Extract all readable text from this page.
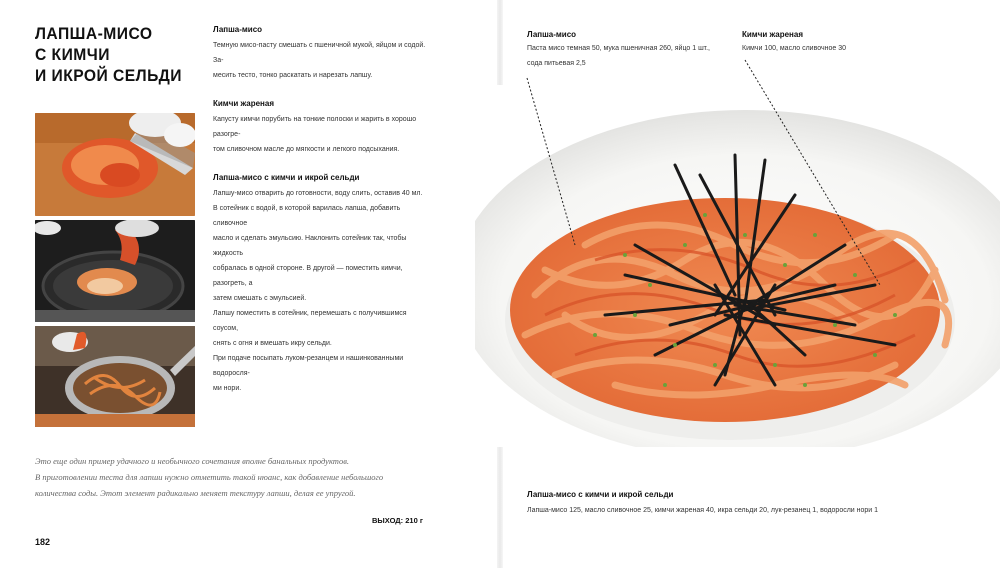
ЛАПША-МИСО
С КИМЧИ
И ИКРОЙ СЕЛЬДИ
Лапша-мисо

Темную мисо-пасту смешать с пшеничной мукой, яйцом и содой. За-

месить тесто, тонко раскатать и нарезать лапшу.

Кимчи жареная

Капусту кимчи порубить на тонкие полоски и жарить в хорошо разогре-

том сливочном масле до мягкости и легкого подсыхания.

Лапша-мисо с кимчи и икрой сельди

Лапшу-мисо отварить до готовности, воду слить, оставив 40 мл.

В сотейник с водой, в которой варилась лапша, добавить сливочное

масло и сделать эмульсию. Наклонить сотейник так, чтобы жидкость

собралась в одной стороне. В другой — поместить кимчи, разогреть, а

затем смешать с эмульсией.

Лапшу поместить в сотейник, перемешать с получившимся соусом,

снять с огня и вмешать икру сельди.

При подаче посыпать луком-резанцем и нашинкованными водоросля-

ми нори.

Это еще один пример удачного и необычного сочетания вполне банальных продуктов.
В приготовлении теста для лапши нужно отметить такой нюанс, как добавление небольшого
количества соды. Этот элемент радикально меняет текстуру лапши, делая ее упругой.
ВЫХОД: 210 г
182
Лапша-мисо

Паста мисо темная 50, мука пшеничная 260, яйцо 1 шт.,

сода питьевая 2,5

Кимчи жареная

Кимчи 100, масло сливочное 30

Лапша-мисо с кимчи и икрой сельди

Лапша-мисо 125, масло сливочное 25, кимчи жареная 40, икра сельди 20, лук-резанец 1, водоросли нори 1
